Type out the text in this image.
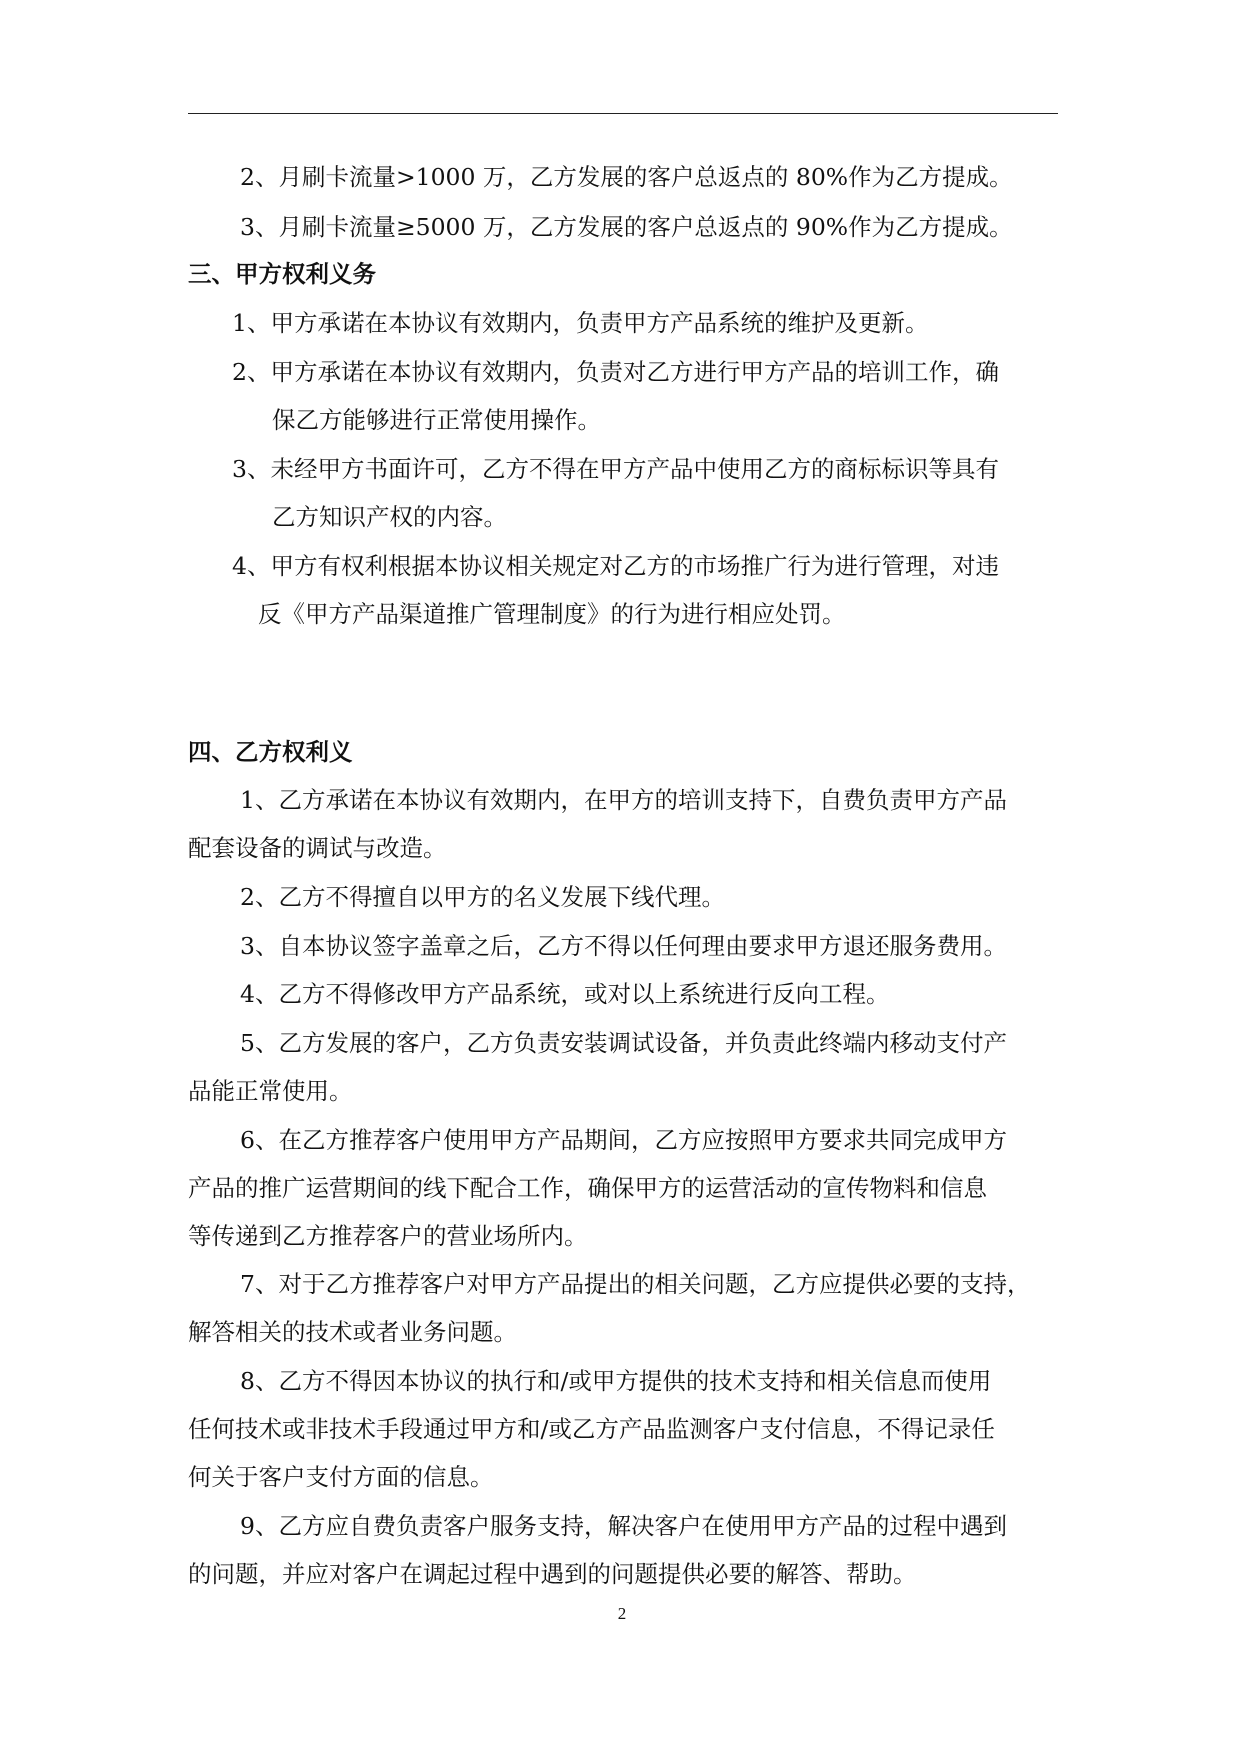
2、月刷卡流量>1000 万，乙方发展的客户总返点的 80%作为乙方提成。
3、月刷卡流量≥5000 万，乙方发展的客户总返点的 90%作为乙方提成。
三、甲方权利义务
1、甲方承诺在本协议有效期内，负责甲方产品系统的维护及更新。
2、甲方承诺在本协议有效期内，负责对乙方进行甲方产品的培训工作，确
保乙方能够进行正常使用操作。
3、未经甲方书面许可，乙方不得在甲方产品中使用乙方的商标标识等具有
乙方知识产权的内容。
4、甲方有权利根据本协议相关规定对乙方的市场推广行为进行管理，对违
反《甲方产品渠道推广管理制度》的行为进行相应处罚。
四、乙方权利义
1、乙方承诺在本协议有效期内，在甲方的培训支持下，自费负责甲方产品
配套设备的调试与改造。
2、乙方不得擅自以甲方的名义发展下线代理。
3、自本协议签字盖章之后，乙方不得以任何理由要求甲方退还服务费用。
4、乙方不得修改甲方产品系统，或对以上系统进行反向工程。
5、乙方发展的客户，乙方负责安装调试设备，并负责此终端内移动支付产
品能正常使用。
6、在乙方推荐客户使用甲方产品期间，乙方应按照甲方要求共同完成甲方
产品的推广运营期间的线下配合工作，确保甲方的运营活动的宣传物料和信息
等传递到乙方推荐客户的营业场所内。
7、对于乙方推荐客户对甲方产品提出的相关问题，乙方应提供必要的支持，
解答相关的技术或者业务问题。
8、乙方不得因本协议的执行和/或甲方提供的技术支持和相关信息而使用
任何技术或非技术手段通过甲方和/或乙方产品监测客户支付信息，不得记录任
何关于客户支付方面的信息。
9、乙方应自费负责客户服务支持，解决客户在使用甲方产品的过程中遇到
的问题，并应对客户在调起过程中遇到的问题提供必要的解答、帮助。
2
